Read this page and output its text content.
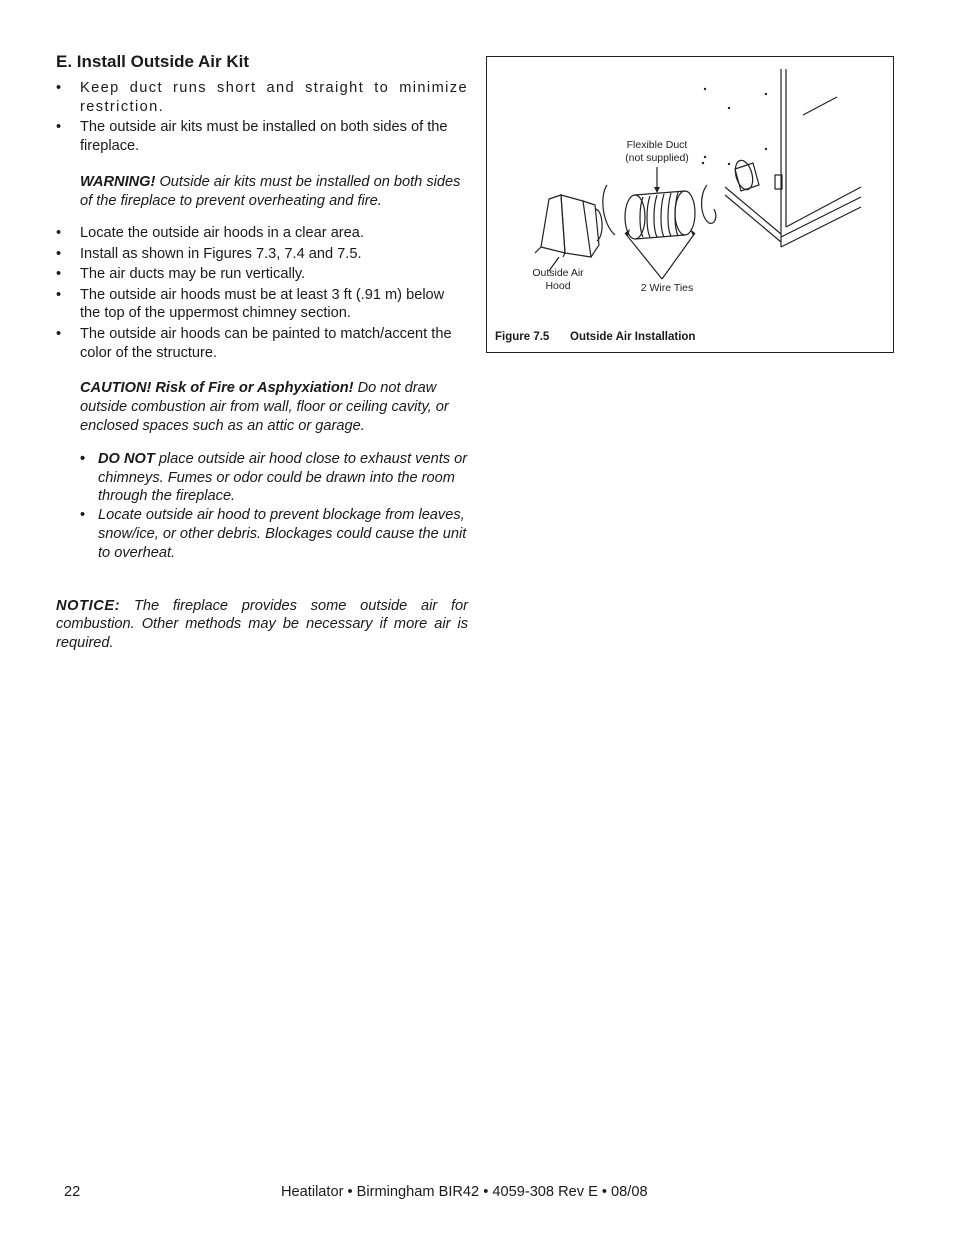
E. Install Outside Air Kit
• Keep duct runs short and straight to minimize restriction.
• The outside air kits must be installed on both sides of the fireplace.
WARNING! Outside air kits must be installed on both sides of the fireplace to prevent overheating and fire.
• Locate the outside air hoods in a clear area.
• Install as shown in Figures 7.3, 7.4 and 7.5.
• The air ducts may be run vertically.
• The outside air hoods must be at least 3 ft (.91 m) below the top of the uppermost chimney section.
• The outside air hoods can be painted to match/accent the color of the structure.
CAUTION! Risk of Fire or Asphyxiation! Do not draw outside combustion air from wall, floor or ceiling cavity, or enclosed spaces such as an attic or garage.
• DO NOT place outside air hood close to exhaust vents or chimneys. Fumes or odor could be drawn into the room through the fireplace.
• Locate outside air hood to prevent blockage from leaves, snow/ice, or other debris. Blockages could cause the unit to overheat.
NOTICE: The fireplace provides some outside air for combustion. Other methods may be necessary if more air is required.
Flexible Duct
(not supplied)
Outside Air
Hood	2 Wire Ties
Figure 7.5 Outside Air Installation
22	Heatilator • Birmingham BIR42 • 4059-308 Rev E • 08/08
